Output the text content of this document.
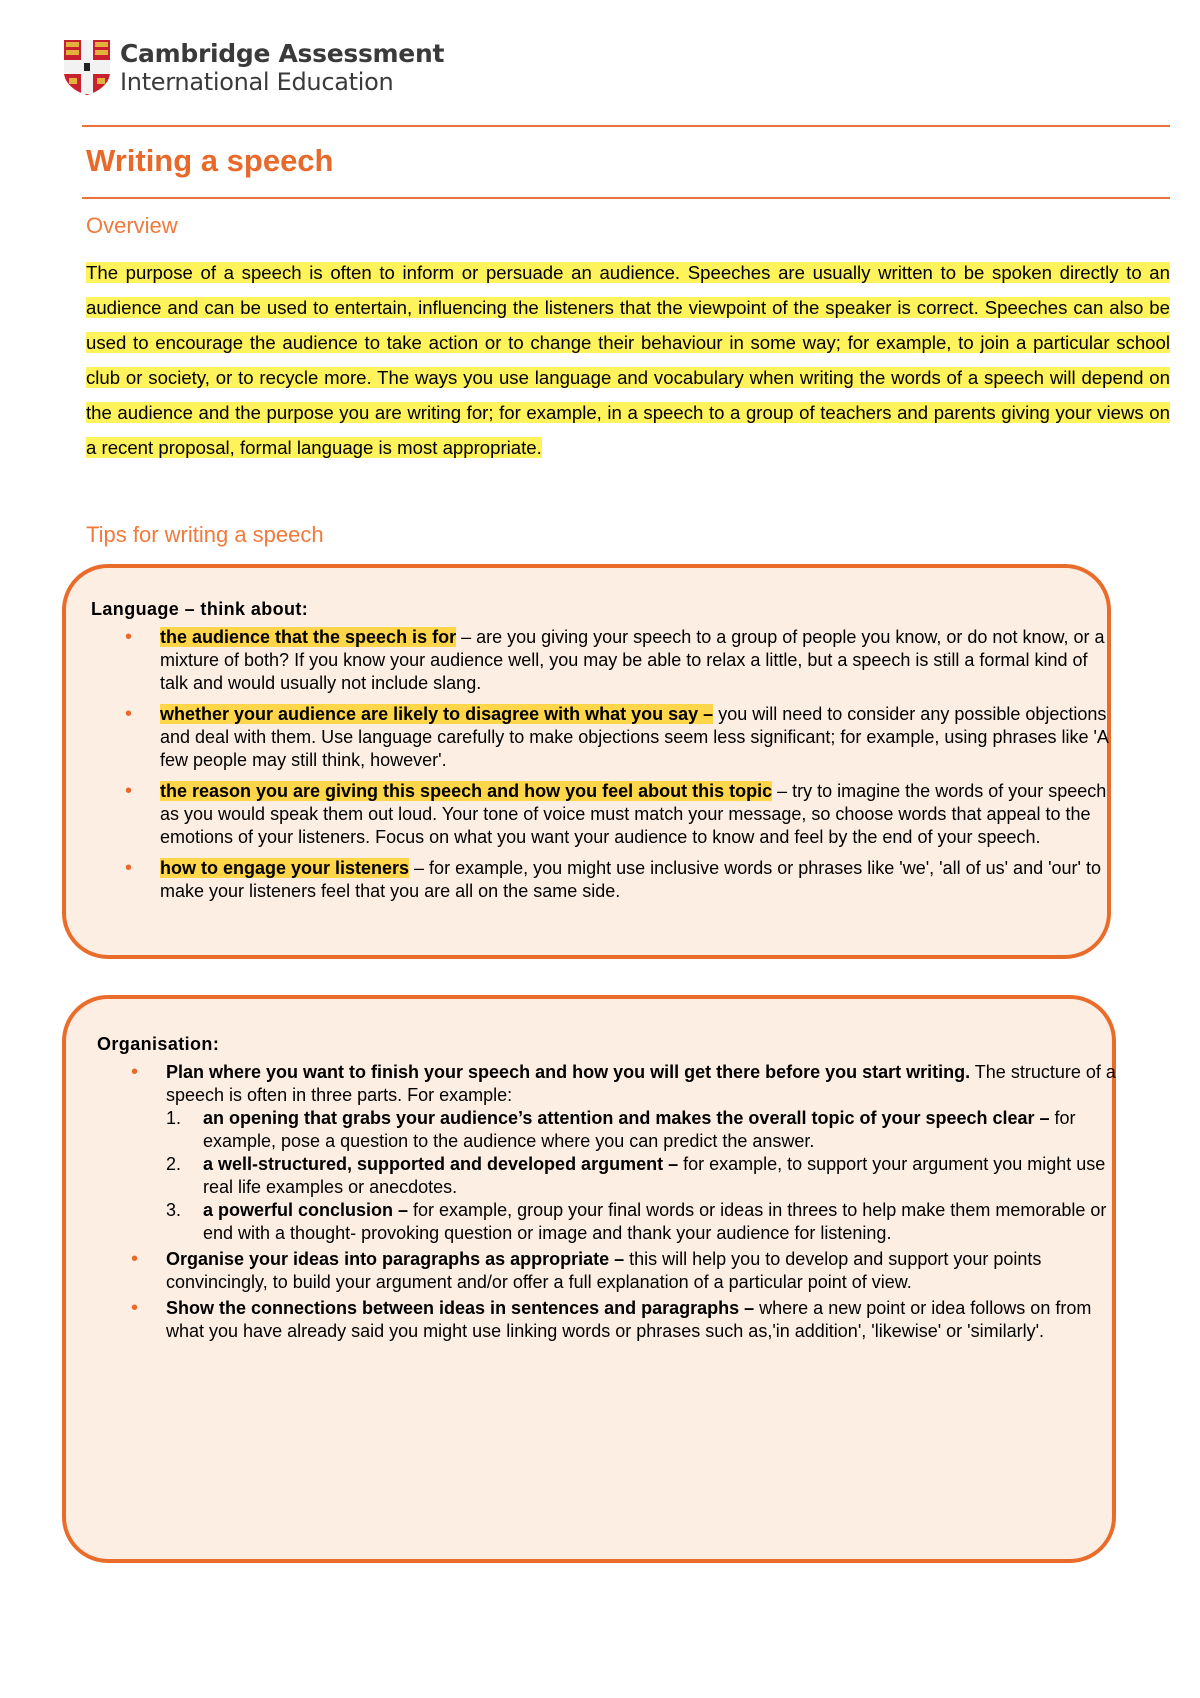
Cambridge Assessment
International Education
Writing a speech
Overview

The purpose of a speech is often to inform or persuade an audience. Speeches are usually written to be spoken directly to an audience and can be used to entertain, influencing the listeners that the viewpoint of the speaker is correct. Speeches can also be used to encourage the audience to take action or to change their behaviour in some way; for example, to join a particular school club or society, or to recycle more. The ways you use language and vocabulary when writing the words of a speech will depend on the audience and the purpose you are writing for; for example, in a speech to a group of teachers and parents giving your views on a recent proposal, formal language is most appropriate.

Tips for writing a speech
Language – think about:
• the audience that the speech is for – are you giving your speech to a group of people you know, or do not know, or a mixture of both? If you know your audience well, you may be able to relax a little, but a speech is still a formal kind of talk and would usually not include slang.
• whether your audience are likely to disagree with what you say – you will need to consider any possible objections and deal with them. Use language carefully to make objections seem less significant; for example, using phrases like 'A few people may still think, however'.
• the reason you are giving this speech and how you feel about this topic – try to imagine the words of your speech as you would speak them out loud. Your tone of voice must match your message, so choose words that appeal to the emotions of your listeners. Focus on what you want your audience to know and feel by the end of your speech.
• how to engage your listeners – for example, you might use inclusive words or phrases like 'we', 'all of us' and 'our' to make your listeners feel that you are all on the same side.
Organisation:
• Plan where you want to finish your speech and how you will get there before you start writing. The structure of a speech is often in three parts. For example:
1. an opening that grabs your audience’s attention and makes the overall topic of your speech clear – for example, pose a question to the audience where you can predict the answer.
2. a well-structured, supported and developed argument – for example, to support your argument you might use real life examples or anecdotes.
3. a powerful conclusion – for example, group your final words or ideas in threes to help make them memorable or end with a thought- provoking question or image and thank your audience for listening.
• Organise your ideas into paragraphs as appropriate – this will help you to develop and support your points convincingly, to build your argument and/or offer a full explanation of a particular point of view.
• Show the connections between ideas in sentences and paragraphs – where a new point or idea follows on from what you have already said you might use linking words or phrases such as,'in addition', 'likewise' or 'similarly'.
